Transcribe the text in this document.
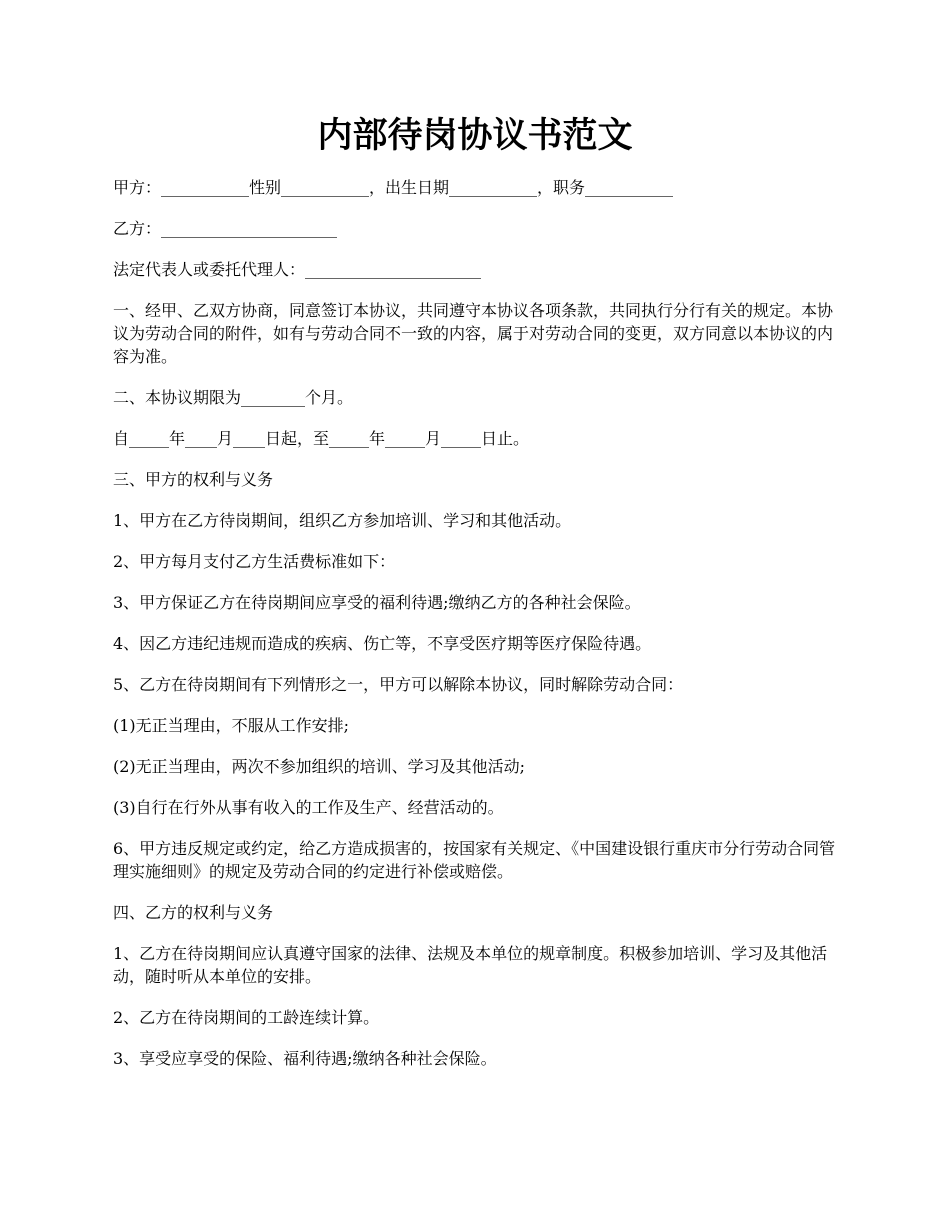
内部待岗协议书范文

甲方：___________性别___________，出生日期___________，职务___________

乙方：______________________

法定代表人或委托代理人：______________________

一、经甲、乙双方协商，同意签订本协议，共同遵守本协议各项条款，共同执行分行有关的规定。本协议为劳动合同的附件，如有与劳动合同不一致的内容，属于对劳动合同的变更，双方同意以本协议的内容为准。

二、本协议期限为________个月。

自_____年____月____日起，至_____年_____月_____日止。

三、甲方的权利与义务

1、甲方在乙方待岗期间，组织乙方参加培训、学习和其他活动。

2、甲方每月支付乙方生活费标准如下：

3、甲方保证乙方在待岗期间应享受的福利待遇;缴纳乙方的各种社会保险。

4、因乙方违纪违规而造成的疾病、伤亡等，不享受医疗期等医疗保险待遇。

5、乙方在待岗期间有下列情形之一，甲方可以解除本协议，同时解除劳动合同：

(1)无正当理由，不服从工作安排;

(2)无正当理由，两次不参加组织的培训、学习及其他活动;

(3)自行在行外从事有收入的工作及生产、经营活动的。

6、甲方违反规定或约定，给乙方造成损害的，按国家有关规定、《中国建设银行重庆市分行劳动合同管理实施细则》的规定及劳动合同的约定进行补偿或赔偿。

四、乙方的权利与义务

1、乙方在待岗期间应认真遵守国家的法律、法规及本单位的规章制度。积极参加培训、学习及其他活动，随时听从本单位的安排。

2、乙方在待岗期间的工龄连续计算。

3、享受应享受的保险、福利待遇;缴纳各种社会保险。
